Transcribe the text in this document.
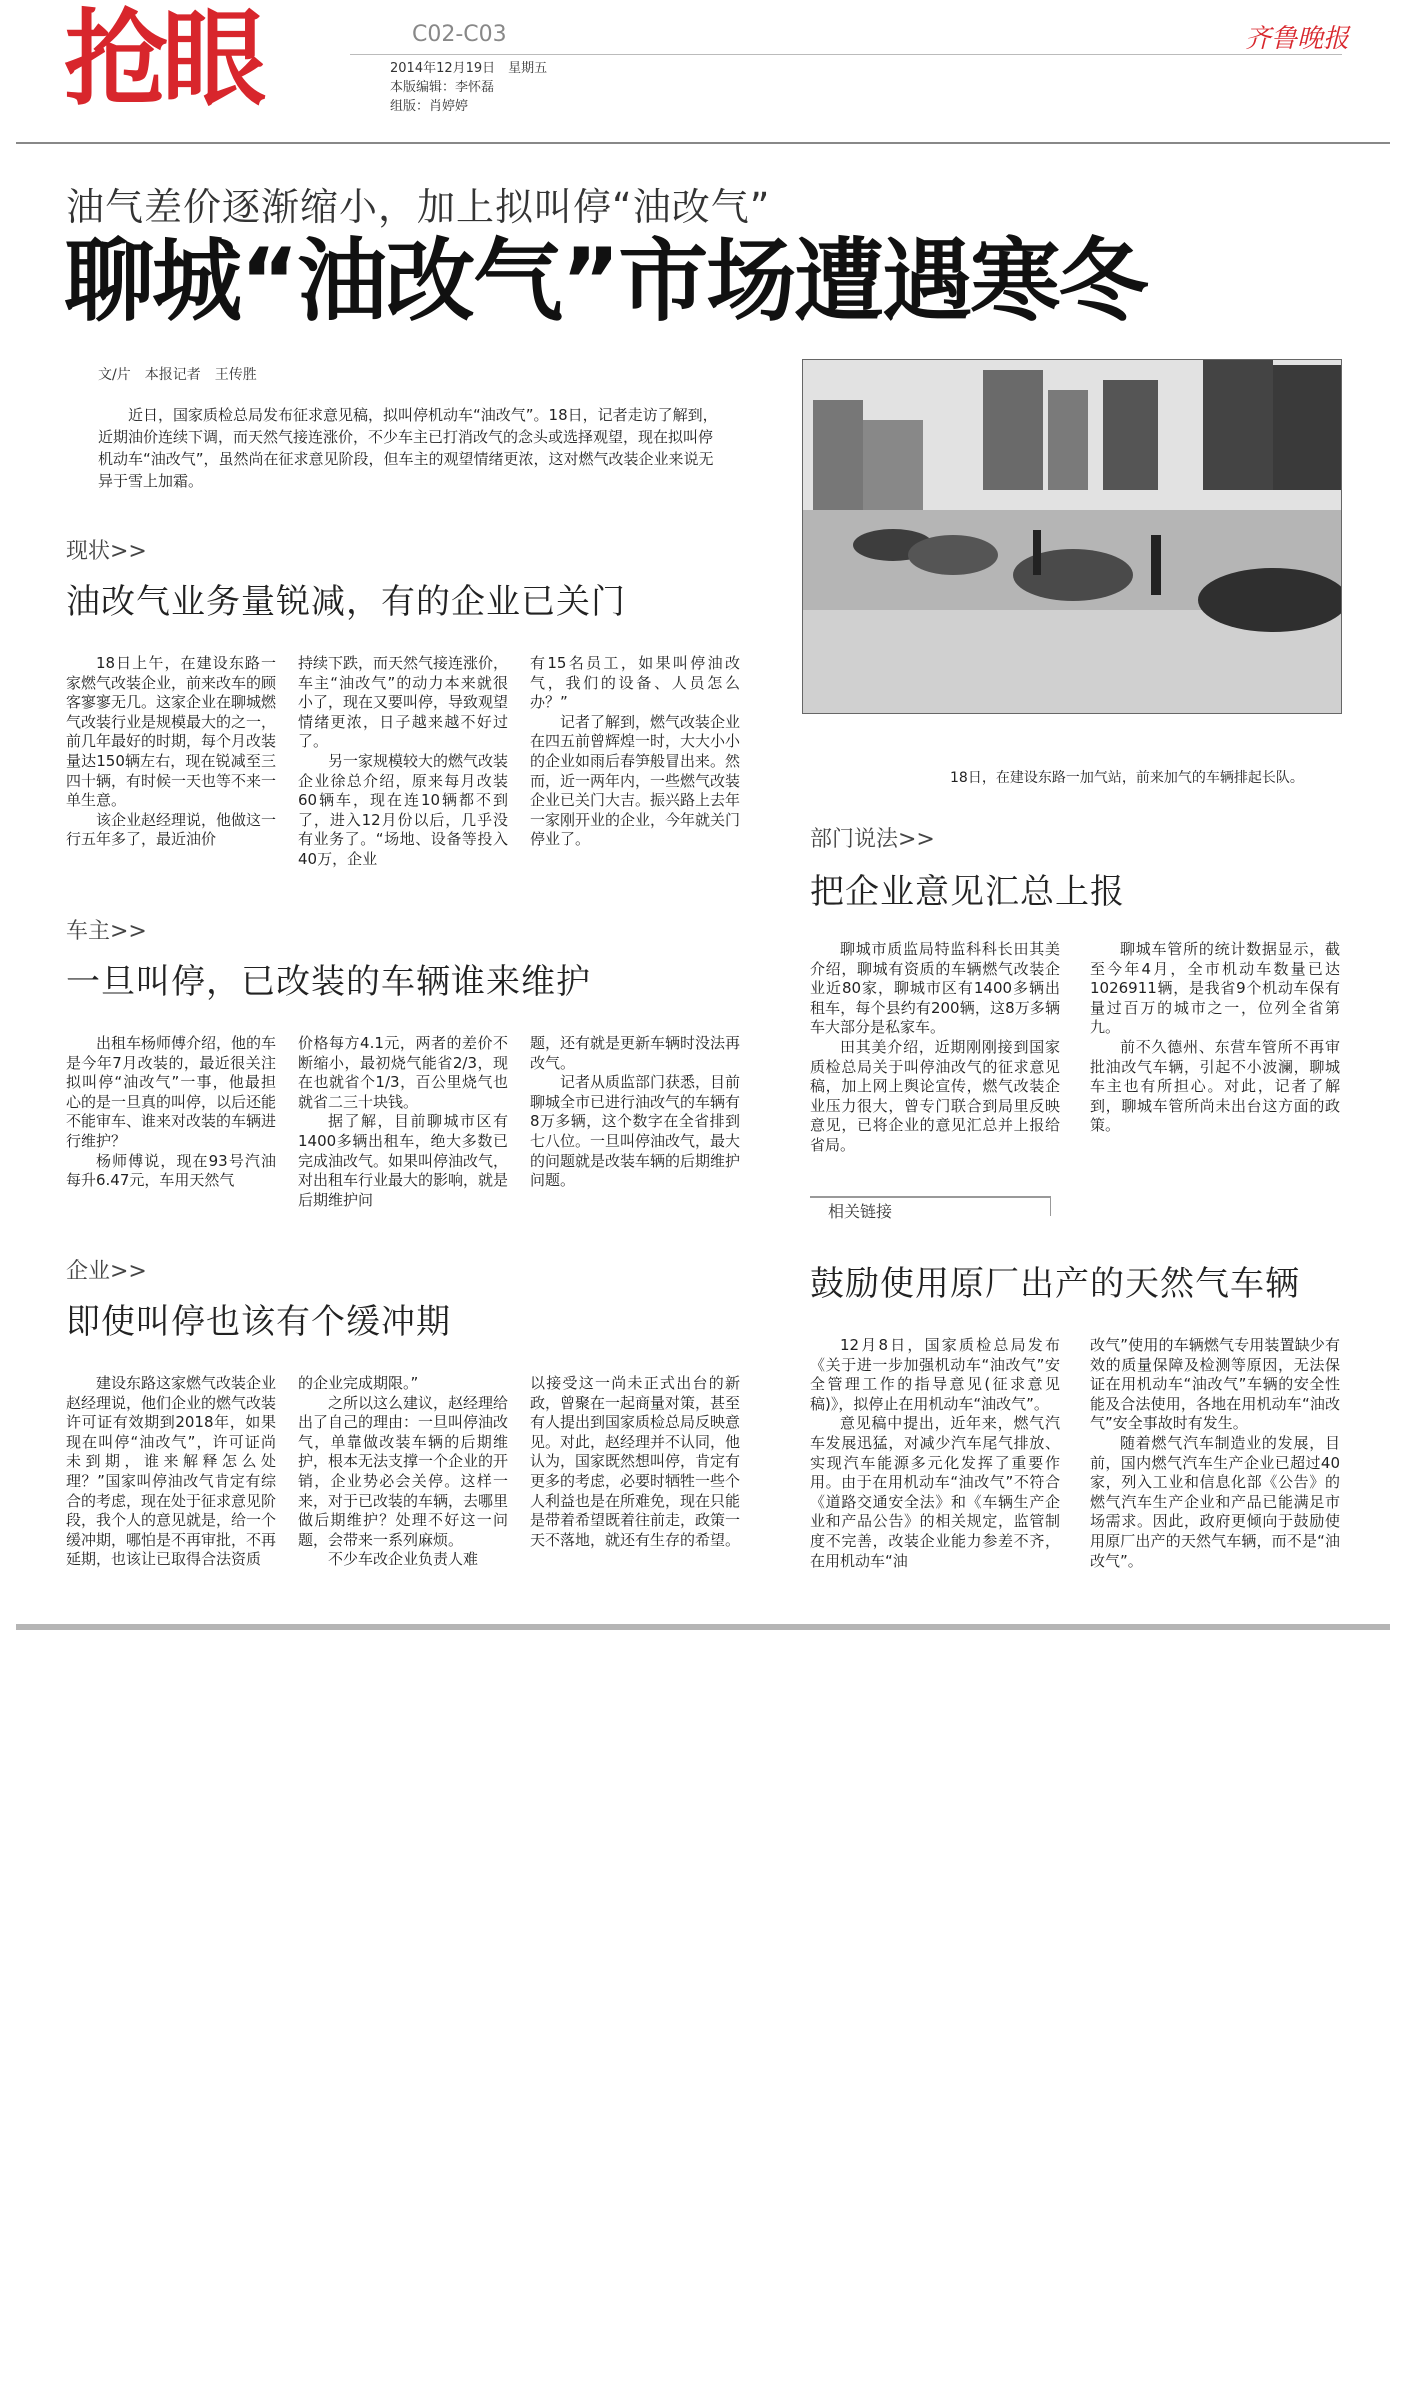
抢眼	C02-C03
2014年12月19日　星期五
本版编辑：李怀磊
组版：肖婷婷
齐鲁晚报
油气差价逐渐缩小，加上拟叫停“油改气”
聊城“油改气”市场遭遇寒冬
文/片　本报记者　王传胜
近日，国家质检总局发布征求意见稿，拟叫停机动车“油改气”。18日，记者走访了解到，近期油价连续下调，而天然气接连涨价，不少车主已打消改气的念头或选择观望，现在拟叫停机动车“油改气”，虽然尚在征求意见阶段，但车主的观望情绪更浓，这对燃气改装企业来说无异于雪上加霜。
18日，在建设东路一加气站，前来加气的车辆排起长队。
现状>>
油改气业务量锐减，有的企业已关门

18日上午，在建设东路一家燃气改装企业，前来改车的顾客寥寥无几。这家企业在聊城燃气改装行业是规模最大的之一，前几年最好的时期，每个月改装量达150辆左右，现在锐减至三四十辆，有时候一天也等不来一单生意。

该企业赵经理说，他做这一行五年多了，最近油价

持续下跌，而天然气接连涨价，车主“油改气”的动力本来就很小了，现在又要叫停，导致观望情绪更浓，日子越来越不好过了。

另一家规模较大的燃气改装企业徐总介绍，原来每月改装60辆车，现在连10辆都不到了，进入12月份以后，几乎没有业务了。“场地、设备等投入40万，企业

有15名员工，如果叫停油改气，我们的设备、人员怎么办？”

记者了解到，燃气改装企业在四五前曾辉煌一时，大大小小的企业如雨后春笋般冒出来。然而，近一两年内，一些燃气改装企业已关门大吉。振兴路上去年一家刚开业的企业，今年就关门停业了。

车主>>
一旦叫停，已改装的车辆谁来维护

出租车杨师傅介绍，他的车是今年7月改装的，最近很关注拟叫停“油改气”一事，他最担心的是一旦真的叫停，以后还能不能审车、谁来对改装的车辆进行维护？

杨师傅说，现在93号汽油每升6.47元，车用天然气

价格每方4.1元，两者的差价不断缩小，最初烧气能省2/3，现在也就省个1/3，百公里烧气也就省二三十块钱。

据了解，目前聊城市区有1400多辆出租车，绝大多数已完成油改气。如果叫停油改气，对出租车行业最大的影响，就是后期维护问

题，还有就是更新车辆时没法再改气。

记者从质监部门获悉，目前聊城全市已进行油改气的车辆有8万多辆，这个数字在全省排到七八位。一旦叫停油改气，最大的问题就是改装车辆的后期维护问题。

企业>>
即使叫停也该有个缓冲期

建设东路这家燃气改装企业赵经理说，他们企业的燃气改装许可证有效期到2018年，如果现在叫停“油改气”，许可证尚未到期，谁来解释怎么处理？”国家叫停油改气肯定有综合的考虑，现在处于征求意见阶段，我个人的意见就是，给一个缓冲期，哪怕是不再审批，不再延期，也该让已取得合法资质

的企业完成期限。”

之所以这么建议，赵经理给出了自己的理由：一旦叫停油改气，单靠做改装车辆的后期维护，根本无法支撑一个企业的开销，企业势必会关停。这样一来，对于已改装的车辆，去哪里做后期维护？处理不好这一问题，会带来一系列麻烦。

不少车改企业负责人难

以接受这一尚未正式出台的新政，曾聚在一起商量对策，甚至有人提出到国家质检总局反映意见。对此，赵经理并不认同，他认为，国家既然想叫停，肯定有更多的考虑，必要时牺牲一些个人利益也是在所难免，现在只能是带着希望既着往前走，政策一天不落地，就还有生存的希望。

部门说法>>
把企业意见汇总上报

聊城市质监局特监科科长田其美介绍，聊城有资质的车辆燃气改装企业近80家，聊城市区有1400多辆出租车，每个县约有200辆，这8万多辆车大部分是私家车。

田其美介绍，近期刚刚接到国家质检总局关于叫停油改气的征求意见稿，加上网上舆论宣传，燃气改装企业压力很大，曾专门联合到局里反映意见，已将企业的意见汇总并上报给省局。

聊城车管所的统计数据显示，截至今年4月，全市机动车数量已达1026911辆，是我省9个机动车保有量过百万的城市之一，位列全省第九。

前不久德州、东营车管所不再审批油改气车辆，引起不小波澜，聊城车主也有所担心。对此，记者了解到，聊城车管所尚未出台这方面的政策。

相关链接
鼓励使用原厂出产的天然气车辆

12月8日，国家质检总局发布《关于进一步加强机动车“油改气”安全管理工作的指导意见(征求意见稿)》，拟停止在用机动车“油改气”。

意见稿中提出，近年来，燃气汽车发展迅猛，对减少汽车尾气排放、实现汽车能源多元化发挥了重要作用。由于在用机动车“油改气”不符合《道路交通安全法》和《车辆生产企业和产品公告》的相关规定，监管制度不完善，改装企业能力参差不齐，在用机动车“油

改气”使用的车辆燃气专用装置缺少有效的质量保障及检测等原因，无法保证在用机动车“油改气”车辆的安全性能及合法使用，各地在用机动车“油改气”安全事故时有发生。

随着燃气汽车制造业的发展，目前，国内燃气汽车生产企业已超过40家，列入工业和信息化部《公告》的燃气汽车生产企业和产品已能满足市场需求。因此，政府更倾向于鼓励使用原厂出产的天然气车辆，而不是“油改气”。
